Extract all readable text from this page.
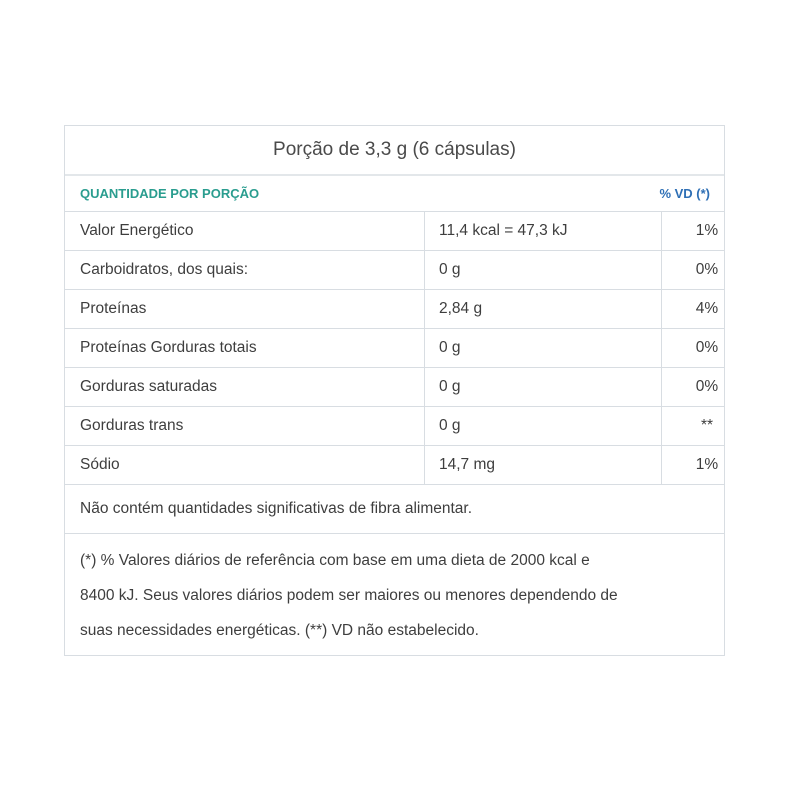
Porção de 3,3 g (6 cápsulas)
QUANTIDADE POR PORÇÃO	% VD (*)
Valor Energético	11,4 kcal = 47,3 kJ	1%
Carboidratos, dos quais:	0 g	0%
Proteínas	2,84 g	4%
Proteínas Gorduras totais	0 g	0%
Gorduras saturadas	0 g	0%
Gorduras trans	0 g	**
Sódio	14,7 mg	1%
Não contém quantidades significativas de fibra alimentar.
(*) % Valores diários de referência com base em uma dieta de 2000 kcal e
8400 kJ. Seus valores diários podem ser maiores ou menores dependendo de
suas necessidades energéticas. (**) VD não estabelecido.
